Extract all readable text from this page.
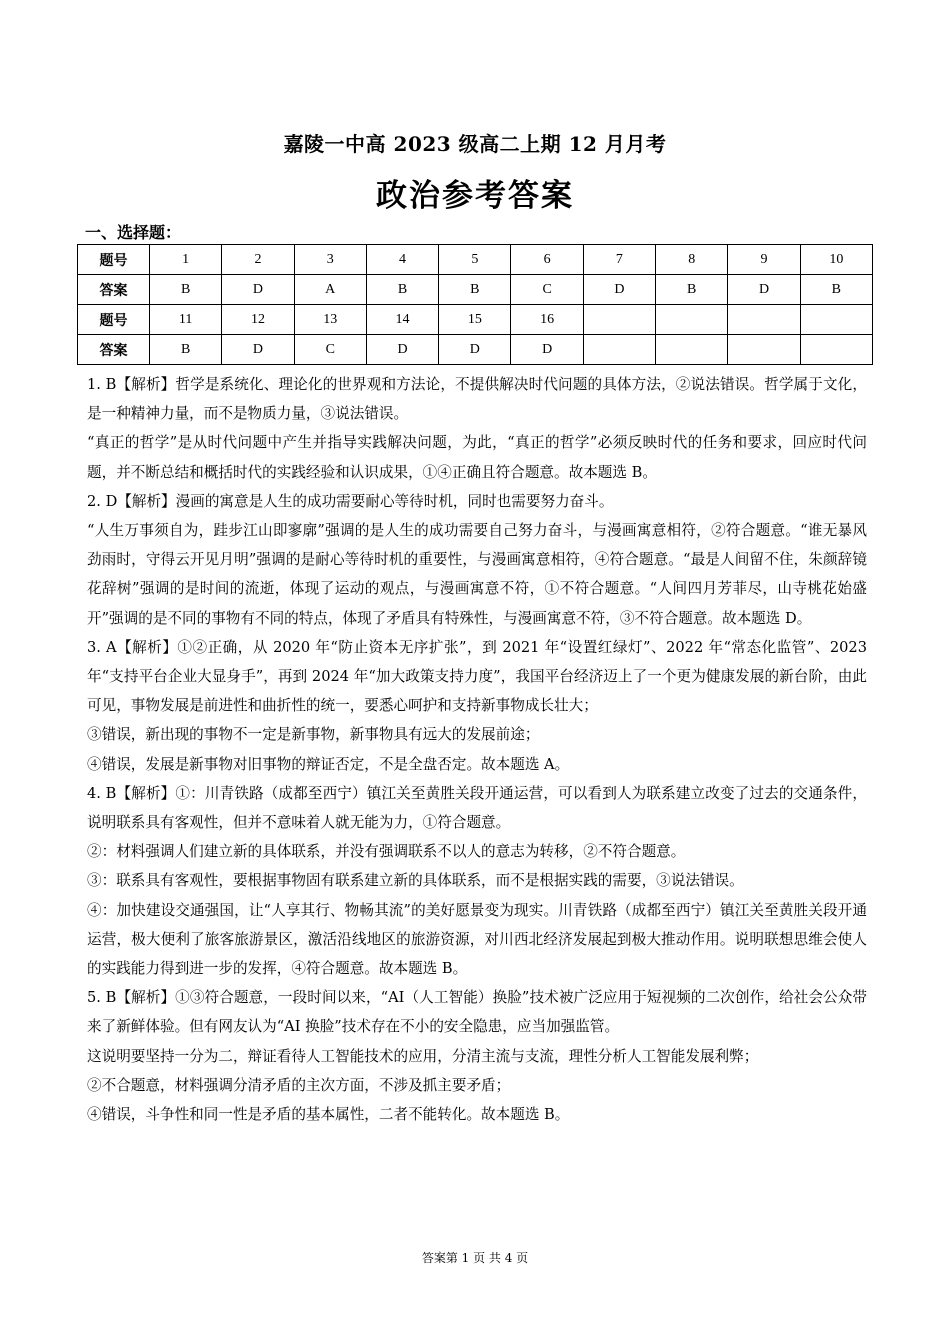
嘉陵一中高 2023 级高二上期 12 月月考
政治参考答案
一、选择题：
题号	1	2	3	4	5	6	7	8	9	10
答案	B	D	A	B	B	C	D	B	D	B
题号	11	12	13	14	15	16				
答案	B	D	C	D	D	D				

1. B【解析】哲学是系统化、理论化的世界观和方法论，不提供解决时代问题的具体方法，②说法错误。哲学属于文化，是一种精神力量，而不是物质力量，③说法错误。

“真正的哲学”是从时代问题中产生并指导实践解决问题，为此，“真正的哲学”必须反映时代的任务和要求，回应时代问题，并不断总结和概括时代的实践经验和认识成果，①④正确且符合题意。故本题选 B。

2. D【解析】漫画的寓意是人生的成功需要耐心等待时机，同时也需要努力奋斗。

“人生万事须自为，跬步江山即寥廓”强调的是人生的成功需要自己努力奋斗，与漫画寓意相符，②符合题意。“谁无暴风劲雨时，守得云开见月明”强调的是耐心等待时机的重要性，与漫画寓意相符，④符合题意。“最是人间留不住，朱颜辞镜花辞树”强调的是时间的流逝，体现了运动的观点，与漫画寓意不符，①不符合题意。“人间四月芳菲尽，山寺桃花始盛开”强调的是不同的事物有不同的特点，体现了矛盾具有特殊性，与漫画寓意不符，③不符合题意。故本题选 D。

3. A【解析】①②正确，从 2020 年“防止资本无序扩张”，到 2021 年“设置红绿灯”、2022 年“常态化监管”、2023 年“支持平台企业大显身手”，再到 2024 年“加大政策支持力度”，我国平台经济迈上了一个更为健康发展的新台阶，由此可见，事物发展是前进性和曲折性的统一，要悉心呵护和支持新事物成长壮大；

③错误，新出现的事物不一定是新事物，新事物具有远大的发展前途；

④错误，发展是新事物对旧事物的辩证否定，不是全盘否定。故本题选 A。

4. B【解析】①：川青铁路（成都至西宁）镇江关至黄胜关段开通运营，可以看到人为联系建立改变了过去的交通条件，说明联系具有客观性，但并不意味着人就无能为力，①符合题意。

②：材料强调人们建立新的具体联系，并没有强调联系不以人的意志为转移，②不符合题意。

③：联系具有客观性，要根据事物固有联系建立新的具体联系，而不是根据实践的需要，③说法错误。

④：加快建设交通强国，让“人享其行、物畅其流”的美好愿景变为现实。川青铁路（成都至西宁）镇江关至黄胜关段开通运营，极大便利了旅客旅游景区，激活沿线地区的旅游资源，对川西北经济发展起到极大推动作用。说明联想思维会使人的实践能力得到进一步的发挥，④符合题意。故本题选 B。

5. B【解析】①③符合题意，一段时间以来，“AI（人工智能）换脸”技术被广泛应用于短视频的二次创作，给社会公众带来了新鲜体验。但有网友认为“AI 换脸”技术存在不小的安全隐患，应当加强监管。

这说明要坚持一分为二，辩证看待人工智能技术的应用，分清主流与支流，理性分析人工智能发展利弊；

②不合题意，材料强调分清矛盾的主次方面，不涉及抓主要矛盾；

④错误，斗争性和同一性是矛盾的基本属性，二者不能转化。故本题选 B。

答案第 1 页 共 4 页
